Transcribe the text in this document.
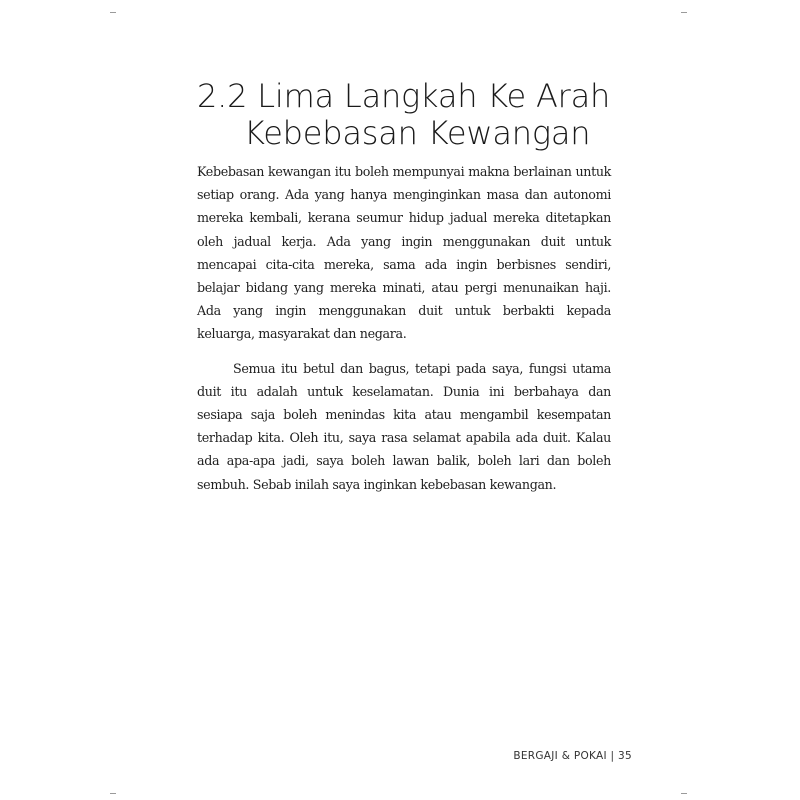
2.2 Lima Langkah Ke Arah
Kebebasan Kewangan

Kebebasan kewangan itu boleh mempunyai makna berlainan untuk setiap orang. Ada yang hanya menginginkan masa dan autonomi mereka kembali, kerana seumur hidup jadual mereka ditetapkan oleh jadual kerja. Ada yang ingin menggunakan duit untuk mencapai cita-cita mereka, sama ada ingin berbisnes sendiri, belajar bidang yang mereka minati, atau pergi menunaikan haji. Ada yang ingin menggunakan duit untuk berbakti kepada keluarga, masyarakat dan negara.

Semua itu betul dan bagus, tetapi pada saya, fungsi utama duit itu adalah untuk keselamatan. Dunia ini berbahaya dan sesiapa saja boleh menindas kita atau mengambil kesempatan terhadap kita. Oleh itu, saya rasa selamat apabila ada duit. Kalau ada apa-apa jadi, saya boleh lawan balik, boleh lari dan boleh sembuh. Sebab inilah saya inginkan kebebasan kewangan.

BERGAJI & POKAI | 35
